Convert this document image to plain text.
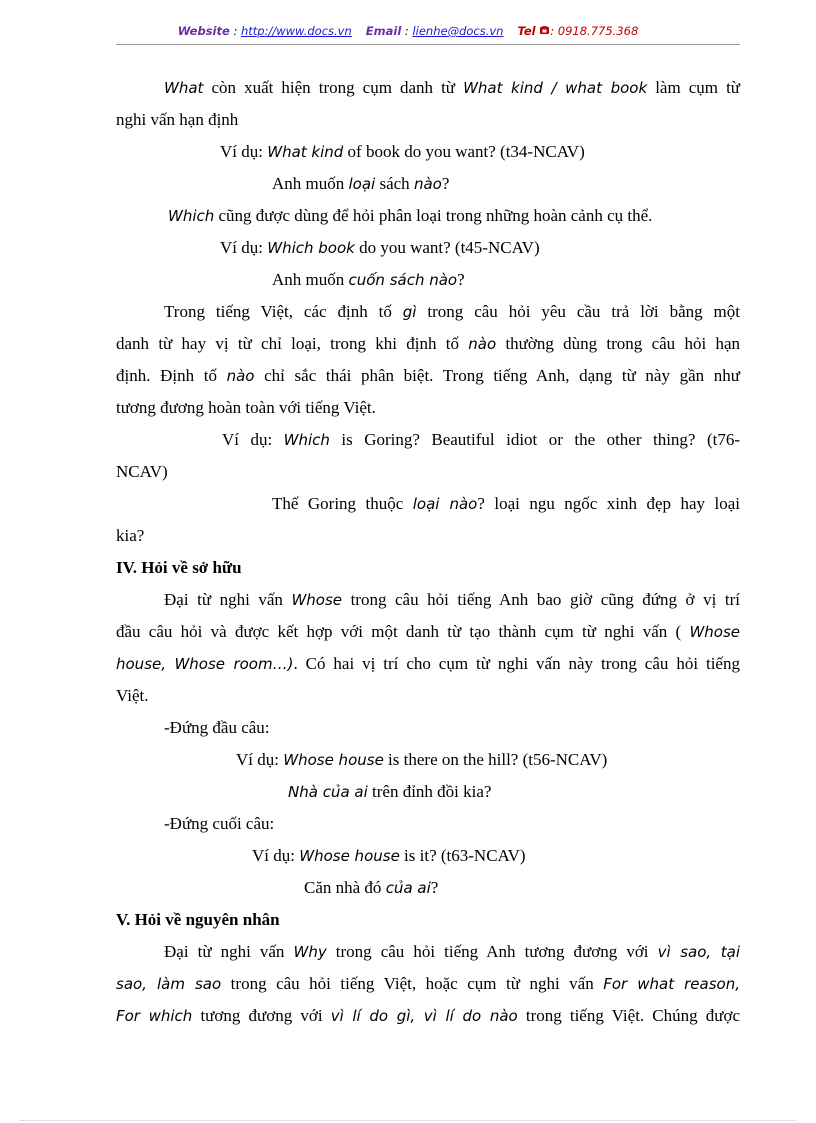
Website : http://www.docs.vn Email : lienhe@docs.vn Tel : 0918.775.368
What còn xuất hiện trong cụm danh từ What kind / what book làm cụm từ
nghi vấn hạn định
Ví dụ: What kind of book do you want? (t34-NCAV)
Anh muốn loại sách nào?
Which cũng được dùng để hỏi phân loại trong những hoàn cảnh cụ thể.
Ví dụ: Which book do you want? (t45-NCAV)
Anh muốn cuốn sách nào?
Trong tiếng Việt, các định tố gì trong câu hỏi yêu cầu trả lời bằng một
danh từ hay vị từ chỉ loại, trong khi định tố nào thường dùng trong câu hỏi hạn
định. Định tố nào chỉ sắc thái phân biệt. Trong tiếng Anh, dạng từ này gần như
tương đương hoàn toàn với tiếng Việt.
Ví dụ: Which is Goring? Beautiful idiot or the other thing? (t76-
NCAV)
Thế Goring thuộc loại nào? loại ngu ngốc xinh đẹp hay loại
kia?
IV. Hỏi về sở hữu
Đại từ nghi vấn Whose trong câu hỏi tiếng Anh bao giờ cũng đứng ở vị trí
đầu câu hỏi và được kết hợp với một danh từ tạo thành cụm từ nghi vấn ( Whose
house, Whose room…). Có hai vị trí cho cụm từ nghi vấn này trong câu hỏi tiếng
Việt.
-Đứng đầu câu:
Ví dụ: Whose house is there on the hill? (t56-NCAV)
Nhà của ai trên đỉnh đồi kia?
-Đứng cuối câu:
Ví dụ: Whose house is it? (t63-NCAV)
Căn nhà đó của ai?
V. Hỏi về nguyên nhân
Đại từ nghi vấn Why trong câu hỏi tiếng Anh tương đương với vì sao, tại
sao, làm sao trong câu hỏi tiếng Việt, hoặc cụm từ nghi vấn For what reason,
For which tương đương với vì lí do gì, vì lí do nào trong tiếng Việt. Chúng được
